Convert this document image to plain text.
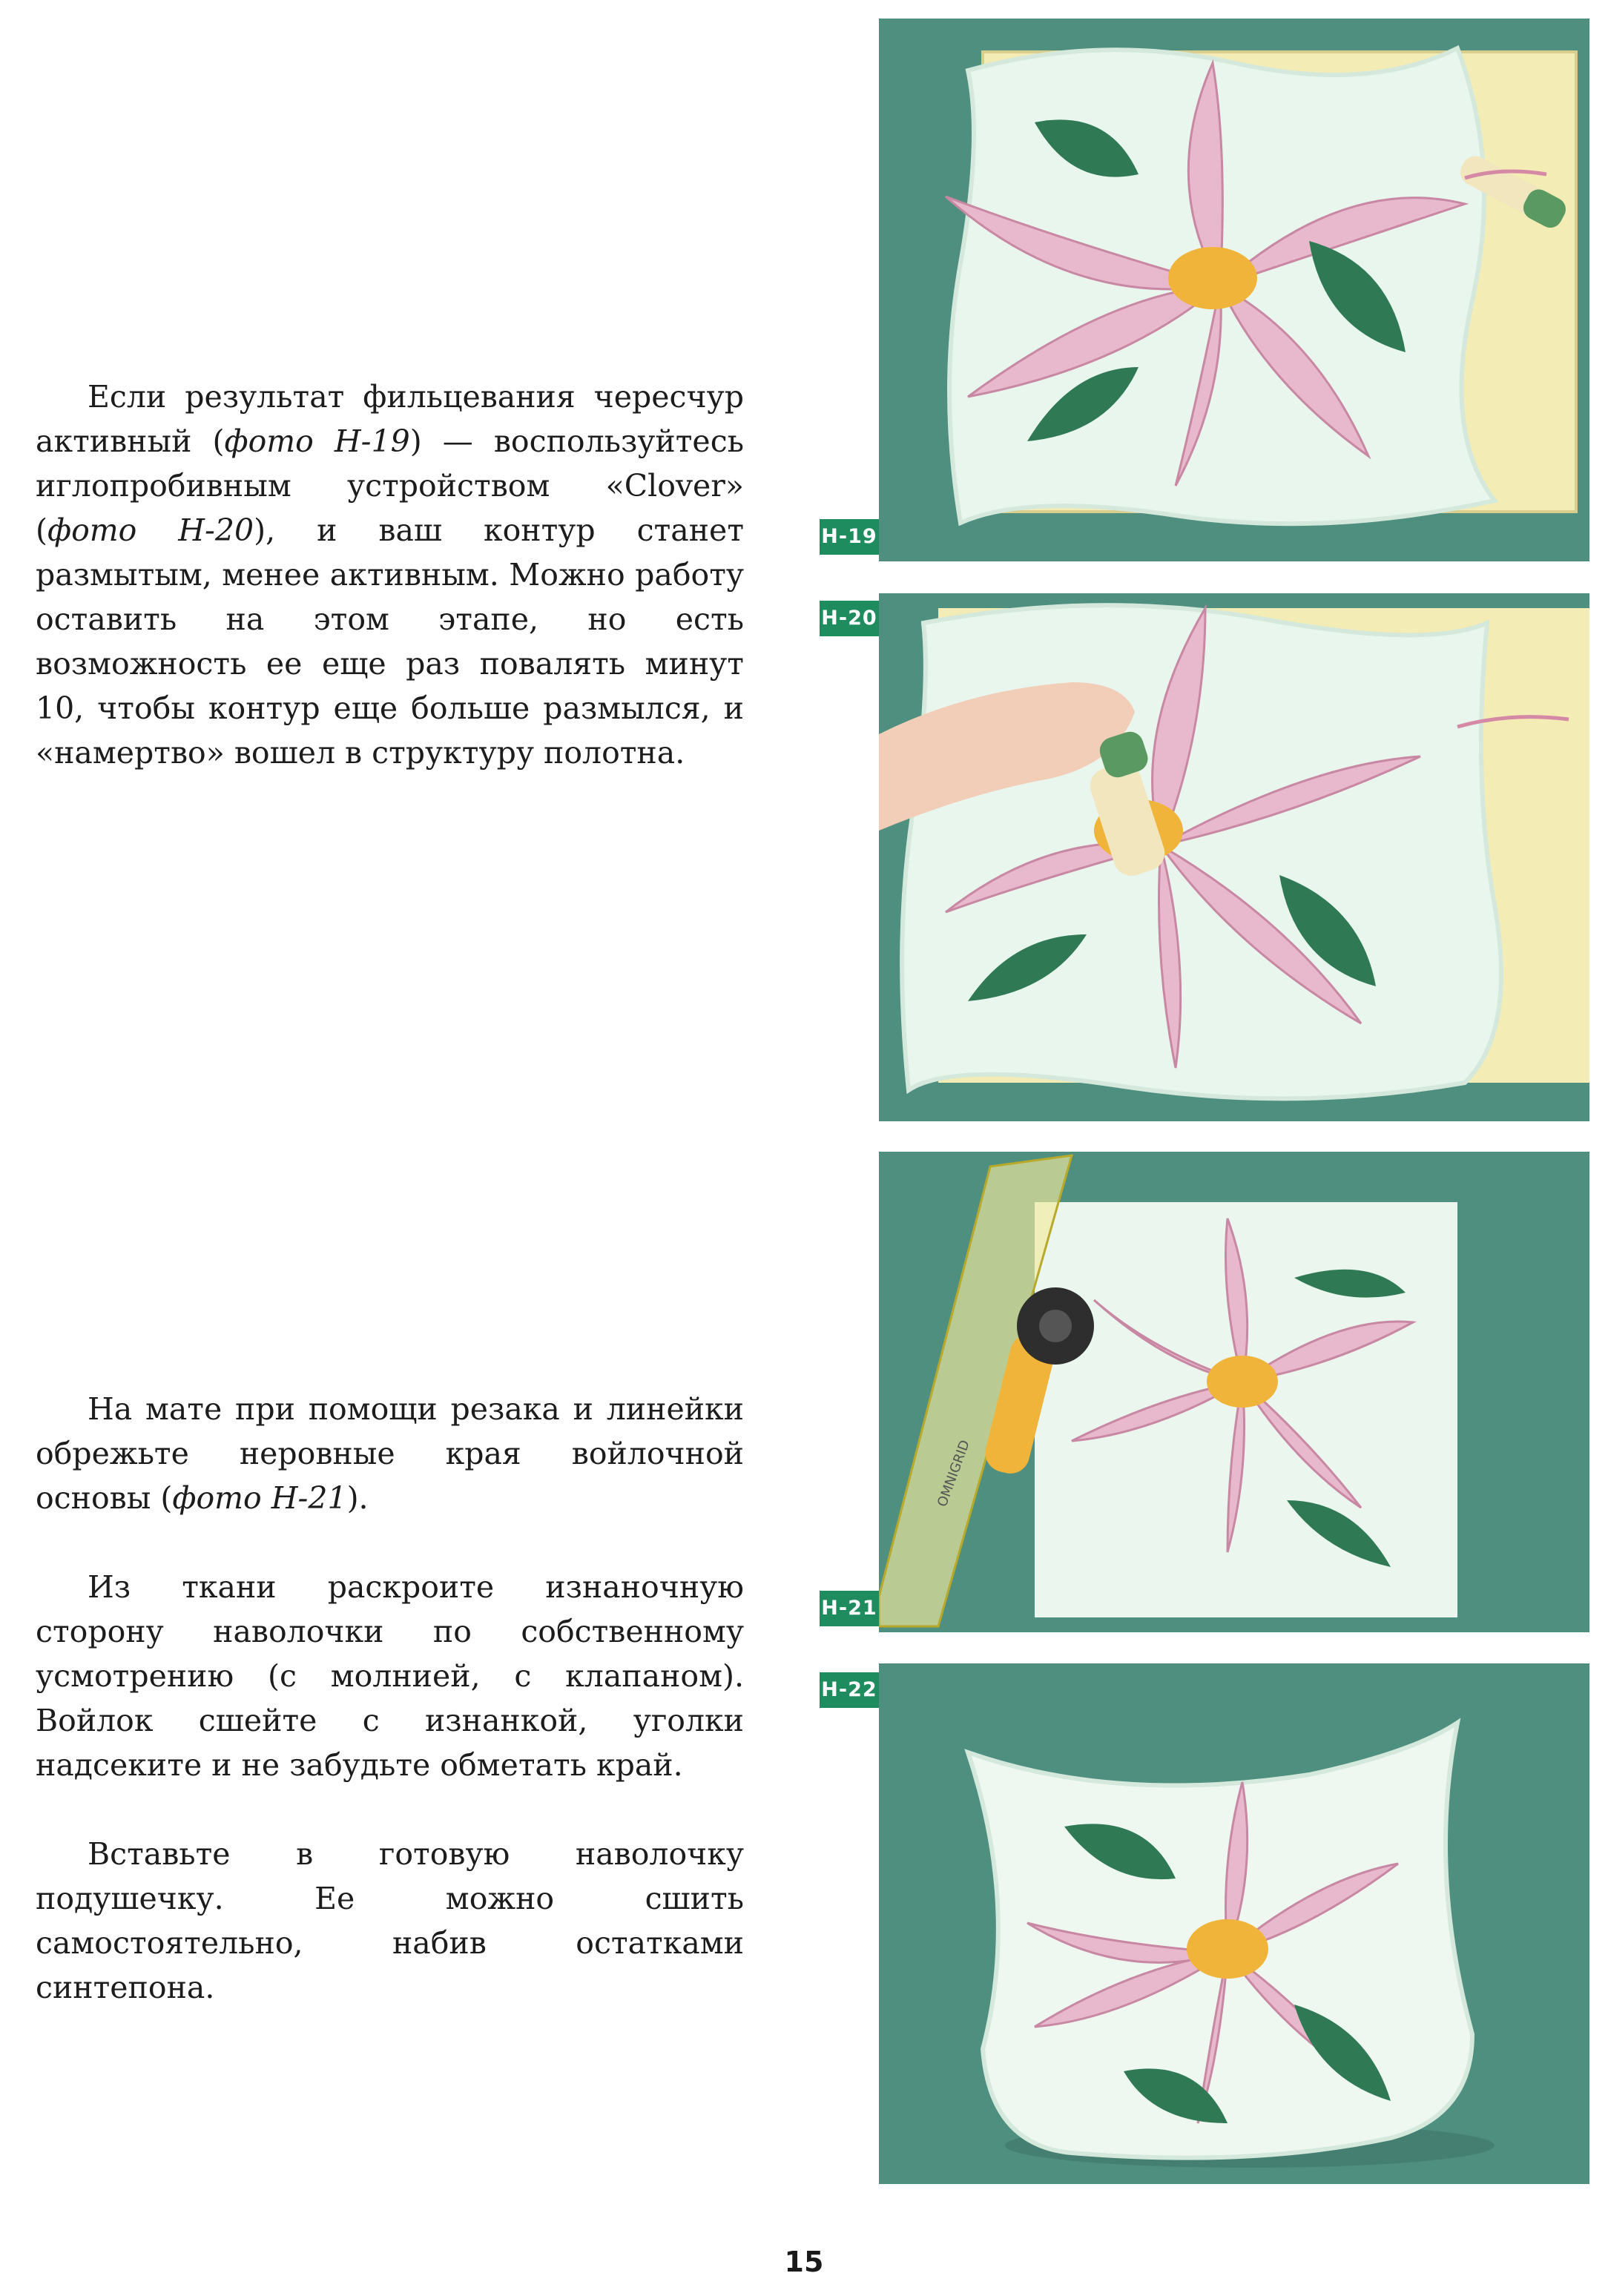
Если результат фильцевания чересчур активный (фото Н-19) — воспользуйтесь иглопробивным устройством «Clover» (фото Н-20), и ваш контур станет размытым, менее активным. Можно работу оставить на этом этапе, но есть возможность ее еще раз повалять минут 10, чтобы контур еще больше размылся, и «намертво» вошел в структуру полотна.

На мате при помощи резака и линейки обрежьте неровные края войлочной основы (фото Н-21).

Из ткани раскроите изнаночную сторону наволочки по собственному усмотрению (с молнией, с клапаном). Войлок сшейте с изнанкой, уголки надсеките и не забудьте обметать край.

Вставьте в готовую наволочку подушечку. Ее можно сшить самостоятельно, набив остатками синтепона.

Н-19
Н-20
OMNIGRID
Н-21
Н-22
15
